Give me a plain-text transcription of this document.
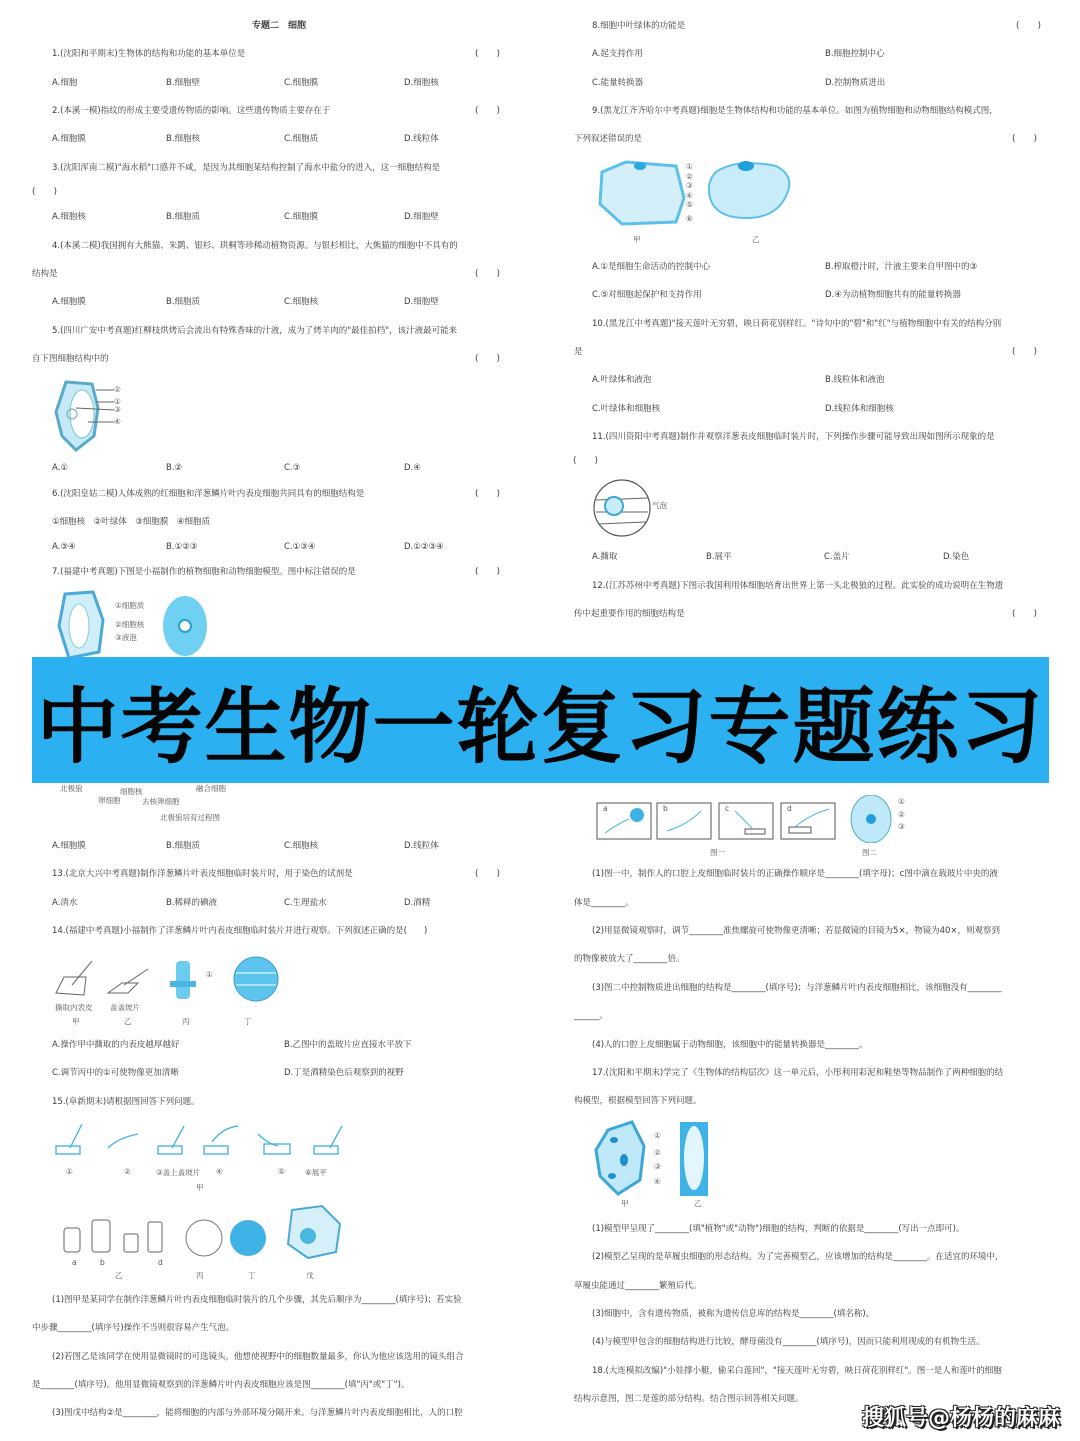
专题二　细胞
1.(沈阳和平期末)生物体的结构和功能的基本单位是	(　　)
A.细胞	B.细胞壁	C.细胞膜	D.细胞核
2.(本溪一模)指纹的形成主要受遗传物质的影响。这些遗传物质主要存在于	(　　)
A.细胞膜	B.细胞核	C.细胞质	D.线粒体
3.(沈阳浑南二模)"海水稻"口感并不咸，是因为其细胞某结构控制了海水中盐分的进入，这一细胞结构是
(　　)
A.细胞核	B.细胞质	C.细胞膜	D.细胞壁
4.(本溪二模)我国拥有大熊猫、朱鹮、银杉、珙桐等珍稀动植物资源。与银杉相比，大熊猫的细胞中不具有的
结构是	(　　)
A.细胞膜	B.细胞质	C.细胞核	D.细胞壁
5.(四川广安中考真题)红柳枝烘烤后会流出有特殊香味的汁液，成为了烤羊肉的"最佳拍档"，该汁液最可能来
自下图细胞结构中的	(　　)
②
①
③
④
A.①	B.②	C.③	D.④
6.(沈阳皇姑二模)人体成熟的红细胞和洋葱鳞片叶内表皮细胞共同具有的细胞结构是	(　　)
①细胞核　②叶绿体　③细胞膜　④细胞质
A.③④	B.①②③	C.①③④	D.①②③④
7.(福建中考真题)下图是小福制作的植物细胞和动物细胞模型。图中标注错误的是	(　　)
①细胞质
②细胞核
③液泡
北极狼
卵细胞
细胞核
去核卵细胞
融合细胞
北极狼培育过程图
A.细胞膜	B.细胞质	C.细胞核	D.线粒体
13.(北京大兴中考真题)制作洋葱鳞片叶表皮细胞临时装片时，用于染色的试剂是	(　　)
A.清水	B.稀释的碘液	C.生理盐水	D.酒精
14.(福建中考真题)小福制作了洋葱鳞片叶内表皮细胞临时装片并进行观察。下列叙述正确的是(　　)
撕取内表皮 盖盖玻片
①
甲	乙	丙	丁
A.操作甲中撕取的内表皮越厚越好	B.乙图中的盖玻片应直接水平放下
C.调节丙中的①可使物像更加清晰	D.丁是酒精染色后观察到的视野
15.(阜新期末)请根据图回答下列问题。
①	②	③盖上盖玻片 ④	⑤	⑥展平
甲
a	b	d
乙	丙	丁	戊
(1)图甲是某同学在制作洋葱鳞片叶内表皮细胞临时装片的几个步骤，其先后顺序为________(填序号)；若实验
中步骤________(填序号)操作不当则很容易产生气泡。
(2)若图乙是该同学在使用显微镜时的可选镜头，他想使视野中的细胞数量最多，你认为他应该选用的镜头组合
是________(填序号)。他用显微镜观察到的洋葱鳞片叶内表皮细胞应该是图________(填"丙"或"丁")。
(3)图戊中结构②是________，能将细胞的内部与外部环境分隔开来。与洋葱鳞片叶内表皮细胞相比，人的口腔
8.细胞中叶绿体的功能是	(　　)
A.起支持作用	B.细胞控制中心
C.能量转换器	D.控制物质进出
9.(黑龙江齐齐哈尔中考真题)细胞是生物体结构和功能的基本单位。如图为植物细胞和动物细胞结构模式图，
下列叙述错误的是	(　　)
①
②
③
④
⑤
⑥
甲	乙
A.①是细胞生命活动的控制中心	B.榨取橙汁时，汁液主要来自甲图中的③
C.⑤对细胞起保护和支持作用	D.④为动植物细胞共有的能量转换器
10.(黑龙江中考真题)"接天莲叶无穷碧，映日荷花别样红。"诗句中的"碧"和"红"与植物细胞中有关的结构分别
是	(　　)
A.叶绿体和液泡	B.线粒体和液泡
C.叶绿体和细胞核	D.线粒体和细胞核
11.(四川资阳中考真题)制作并观察洋葱表皮细胞临时装片时，下列操作步骤可能导致出现如图所示现象的是
(　　)
气泡
A.撕取	B.展平	C.盖片	D.染色
12.(江苏苏州中考真题)下图示我国利用体细胞培育出世界上第一头北极狼的过程。此实验的成功说明在生物遗
传中起重要作用的细胞结构是	(　　)
a	b	c	d
①
②
③
图一	图二
(1)图一中，制作人的口腔上皮细胞临时装片的正确操作顺序是________(填字母)；c图中滴在载玻片中央的液
体是________。
(2)用显微镜观察时，调节________准焦螺旋可使物像更清晰；若显微镜的目镜为5×，物镜为40×，则观察到
的物像被放大了________倍。
(3)图二中控制物质进出细胞的结构是________(填序号)；与洋葱鳞片叶内表皮细胞相比，该细胞没有________
______。
(4)人的口腔上皮细胞属于动物细胞，该细胞中的能量转换器是________。
17.(沈阳和平期末)学完了《生物体的结构层次》这一单元后，小彤利用彩泥和鞋垫等物品制作了两种细胞的结
构模型，根据模型回答下列问题。
①
②
③
④
甲	乙
(1)模型甲呈现了________(填"植物"或"动物")细胞的结构，判断的依据是________(写出一点即可)。
(2)模型乙呈现的是草履虫细胞的形态结构。为了完善模型乙，应该增加的结构是________。在适宜的环境中，
草履虫能通过________繁殖后代。
(3)细胞中，含有遗传物质，被称为遗传信息库的结构是________(填名称)。
(4)与模型甲包含的细胞结构进行比较，酵母菌没有________(填序号)，因而只能利用现成的有机物生活。
18.(大连模拟改编)"小娃撑小艇，偷采白莲回"，"接天莲叶无穷碧，映日荷花别样红"。图一是人和莲叶的细胞
结构示意图，图二是莲的部分结构。结合图示回答相关问题。
中考生物一轮复习专题练习
搜狐号@杨杨的麻麻
